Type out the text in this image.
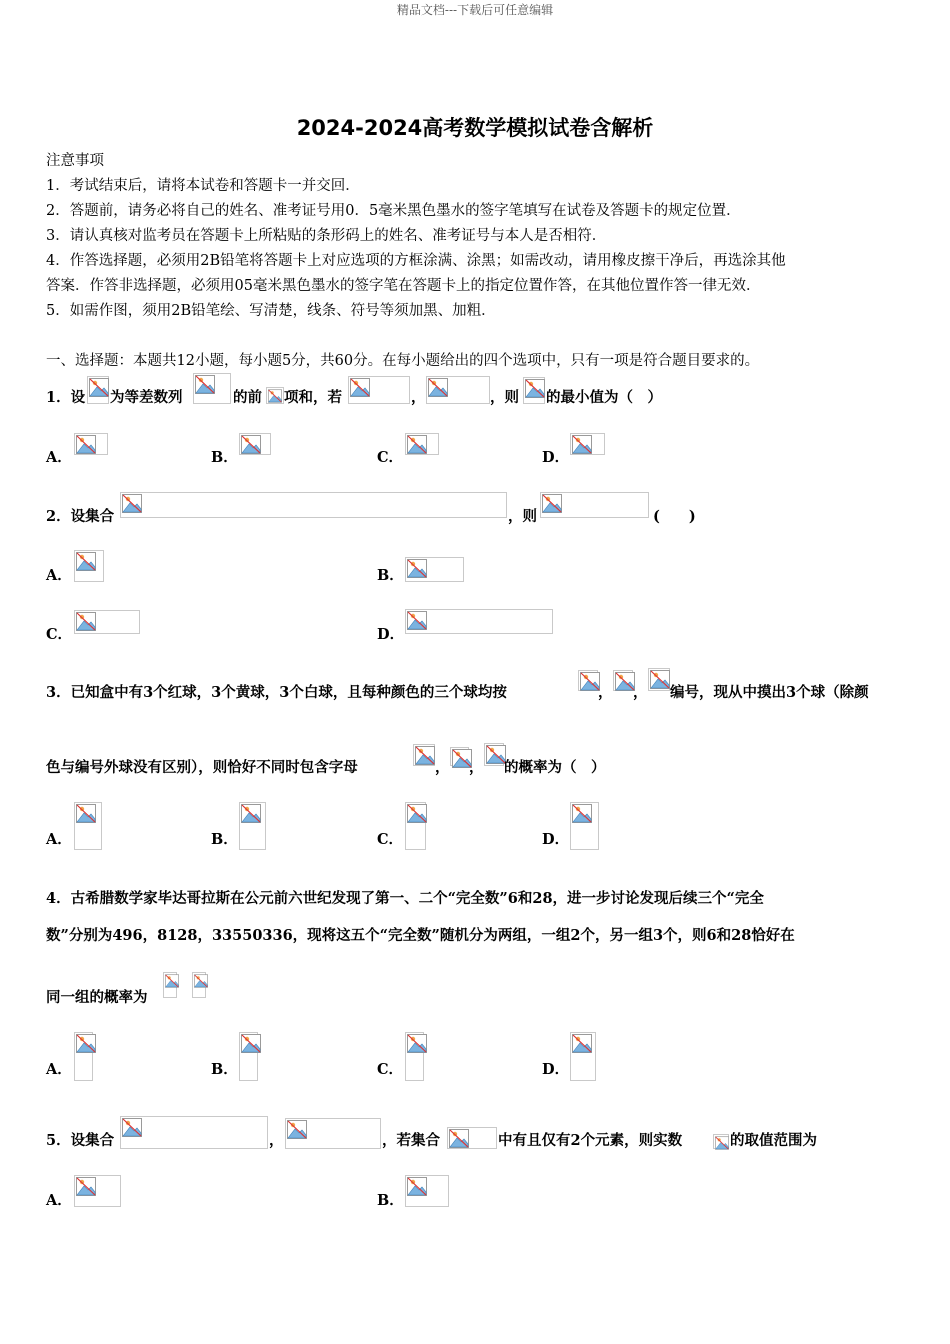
精品文档---下载后可任意编辑
2024-2024高考数学模拟试卷含解析
注意事项
1．考试结束后，请将本试卷和答题卡一并交回．
2．答题前，请务必将自己的姓名、准考证号用0．5毫米黑色墨水的签字笔填写在试卷及答题卡的规定位置．
3．请认真核对监考员在答题卡上所粘贴的条形码上的姓名、准考证号与本人是否相符．
4．作答选择题，必须用2B铅笔将答题卡上对应选项的方框涂满、涂黑；如需改动，请用橡皮擦干净后，再选涂其他
答案．作答非选择题，必须用05毫米黑色墨水的签字笔在答题卡上的指定位置作答，在其他位置作答一律无效．
5．如需作图，须用2B铅笔绘、写清楚，线条、符号等须加黑、加粗．
一、选择题：本题共12小题，每小题5分，共60分。在每小题给出的四个选项中，只有一项是符合题目要求的。
1．设 为等差数列	的前 项和，若	，	，则 的最小值为（　）
A．	B．	C．	D．
2．设集合	，则	(　　)
A．	B．
C．	D．
3．已知盒中有3个红球，3个黄球，3个白球，且每种颜色的三个球均按	， ， 编号，现从中摸出3个球（除颜
色与编号外球没有区别），则恰好不同时包含字母	， ， 的概率为（　）
A．	B．	C．	D．
4．古希腊数学家毕达哥拉斯在公元前六世纪发现了第一、二个“完全数”6和28，进一步讨论发现后续三个“完全
数”分别为496，8128，33550336，现将这五个“完全数”随机分为两组，一组2个，另一组3个，则6和28恰好在
同一组的概率为
A．	B．	C．	D．
5．设集合	，	，若集合	中有且仅有2个元素，则实数	的取值范围为
A．	B．
